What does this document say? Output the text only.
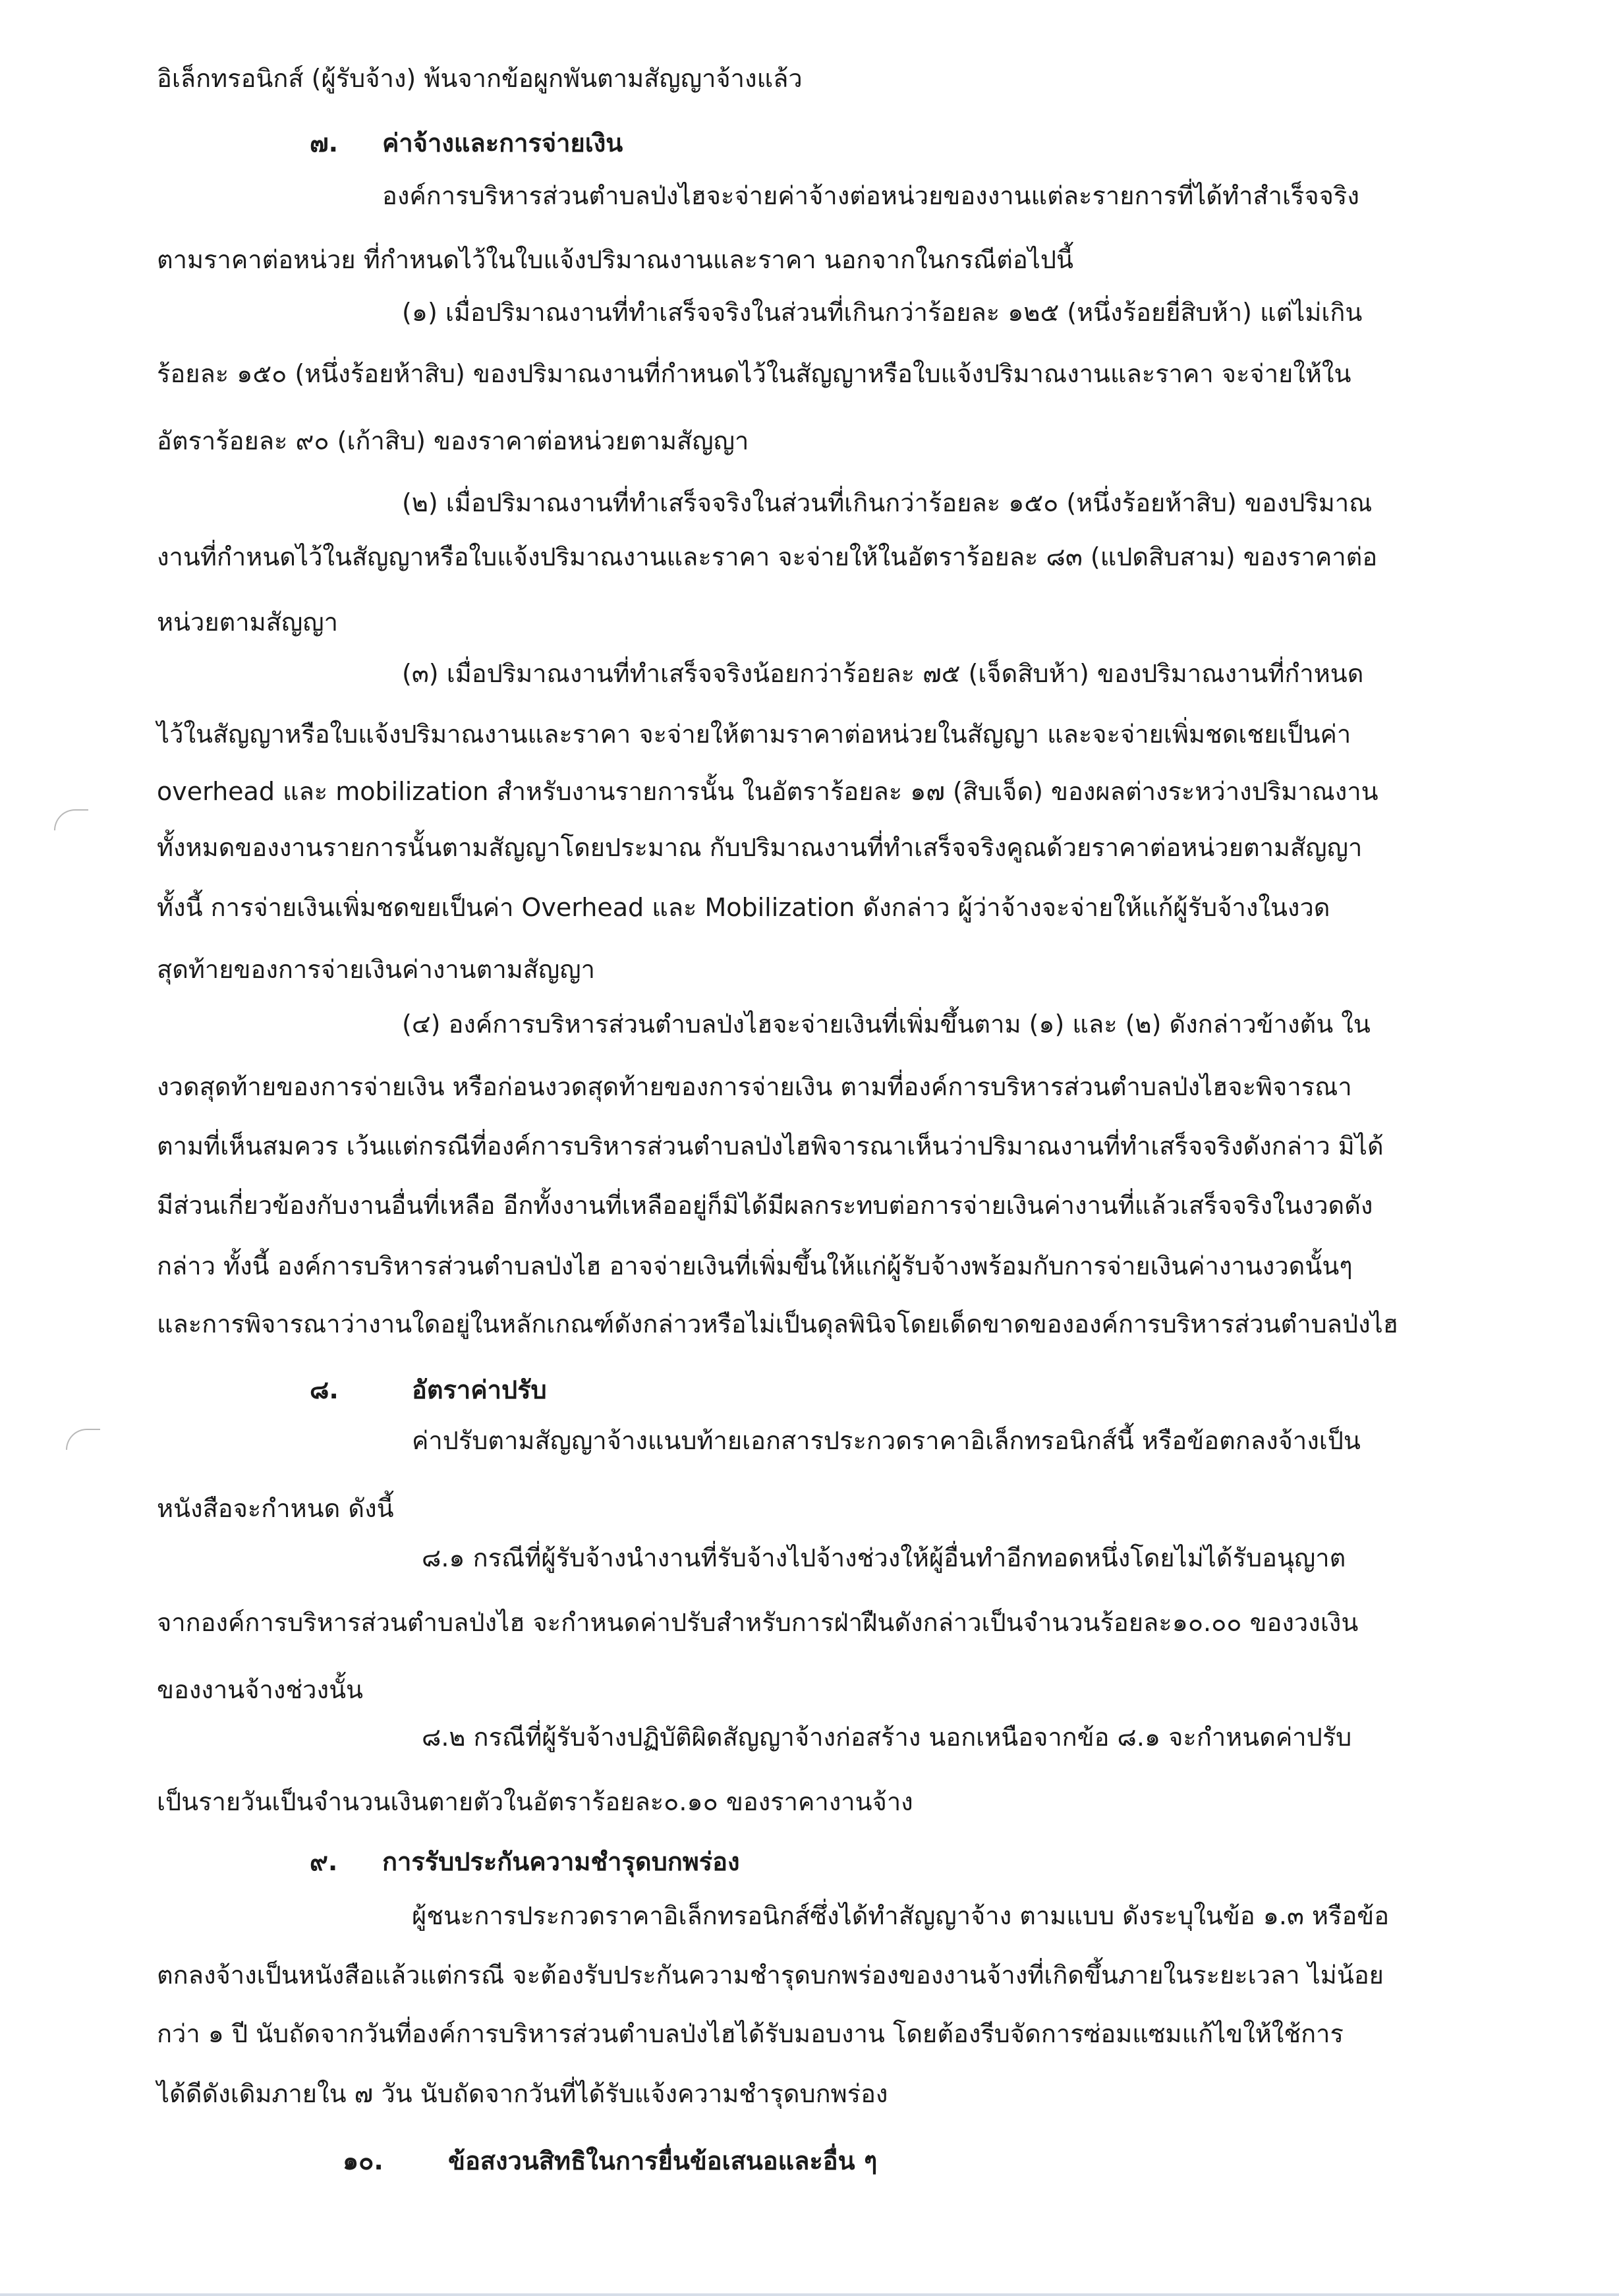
อิเล็กทรอนิกส์ (ผู้รับจ้าง) พ้นจากข้อผูกพันตามสัญญาจ้างแล้ว
๗. ค่าจ้างและการจ่ายเงิน
องค์การบริหารส่วนตำบลป่งไฮจะจ่ายค่าจ้างต่อหน่วยของงานแต่ละรายการที่ได้ทำสำเร็จจริง
ตามราคาต่อหน่วย ที่กำหนดไว้ในใบแจ้งปริมาณงานและราคา นอกจากในกรณีต่อไปนี้
(๑) เมื่อปริมาณงานที่ทำเสร็จจริงในส่วนที่เกินกว่าร้อยละ ๑๒๕ (หนึ่งร้อยยี่สิบห้า) แต่ไม่เกิน
ร้อยละ ๑๕๐ (หนึ่งร้อยห้าสิบ) ของปริมาณงานที่กำหนดไว้ในสัญญาหรือใบแจ้งปริมาณงานและราคา จะจ่ายให้ใน
อัตราร้อยละ ๙๐ (เก้าสิบ) ของราคาต่อหน่วยตามสัญญา
(๒) เมื่อปริมาณงานที่ทำเสร็จจริงในส่วนที่เกินกว่าร้อยละ ๑๕๐ (หนึ่งร้อยห้าสิบ) ของปริมาณ
งานที่กำหนดไว้ในสัญญาหรือใบแจ้งปริมาณงานและราคา จะจ่ายให้ในอัตราร้อยละ ๘๓ (แปดสิบสาม) ของราคาต่อ
หน่วยตามสัญญา
(๓) เมื่อปริมาณงานที่ทำเสร็จจริงน้อยกว่าร้อยละ ๗๕ (เจ็ดสิบห้า) ของปริมาณงานที่กำหนด
ไว้ในสัญญาหรือใบแจ้งปริมาณงานและราคา จะจ่ายให้ตามราคาต่อหน่วยในสัญญา และจะจ่ายเพิ่มชดเชยเป็นค่า
overhead และ mobilization สำหรับงานรายการนั้น ในอัตราร้อยละ ๑๗ (สิบเจ็ด) ของผลต่างระหว่างปริมาณงาน
ทั้งหมดของงานรายการนั้นตามสัญญาโดยประมาณ กับปริมาณงานที่ทำเสร็จจริงคูณด้วยราคาต่อหน่วยตามสัญญา
ทั้งนี้ การจ่ายเงินเพิ่มชดขยเป็นค่า Overhead และ Mobilization ดังกล่าว ผู้ว่าจ้างจะจ่ายให้แก้ผู้รับจ้างในงวด
สุดท้ายของการจ่ายเงินค่างานตามสัญญา
(๔) องค์การบริหารส่วนตำบลป่งไฮจะจ่ายเงินที่เพิ่มขึ้นตาม (๑) และ (๒) ดังกล่าวข้างต้น ใน
งวดสุดท้ายของการจ่ายเงิน หรือก่อนงวดสุดท้ายของการจ่ายเงิน ตามที่องค์การบริหารส่วนตำบลป่งไฮจะพิจารณา
ตามที่เห็นสมควร เว้นแต่กรณีที่องค์การบริหารส่วนตำบลป่งไฮพิจารณาเห็นว่าปริมาณงานที่ทำเสร็จจริงดังกล่าว มิได้
มีส่วนเกี่ยวข้องกับงานอื่นที่เหลือ อีกทั้งงานที่เหลืออยู่ก็มิได้มีผลกระทบต่อการจ่ายเงินค่างานที่แล้วเสร็จจริงในงวดดัง
กล่าว ทั้งนี้ องค์การบริหารส่วนตำบลป่งไฮ อาจจ่ายเงินที่เพิ่มขึ้นให้แก่ผู้รับจ้างพร้อมกับการจ่ายเงินค่างานงวดนั้นๆ
และการพิจารณาว่างานใดอยู่ในหลักเกณฑ์ดังกล่าวหรือไม่เป็นดุลพินิจโดยเด็ดขาดขององค์การบริหารส่วนตำบลป่งไฮ
๘.	อัตราค่าปรับ
ค่าปรับตามสัญญาจ้างแนบท้ายเอกสารประกวดราคาอิเล็กทรอนิกส์นี้ หรือข้อตกลงจ้างเป็น
หนังสือจะกำหนด ดังนี้
๘.๑ กรณีที่ผู้รับจ้างนำงานที่รับจ้างไปจ้างช่วงให้ผู้อื่นทำอีกทอดหนึ่งโดยไม่ได้รับอนุญาต
จากองค์การบริหารส่วนตำบลป่งไฮ จะกำหนดค่าปรับสำหรับการฝ่าฝืนดังกล่าวเป็นจำนวนร้อยละ๑๐.๐๐ ของวงเงิน
ของงานจ้างช่วงนั้น
๘.๒ กรณีที่ผู้รับจ้างปฏิบัติผิดสัญญาจ้างก่อสร้าง นอกเหนือจากข้อ ๘.๑ จะกำหนดค่าปรับ
เป็นรายวันเป็นจำนวนเงินตายตัวในอัตราร้อยละ๐.๑๐ ของราคางานจ้าง
๙. การรับประกันความชำรุดบกพร่อง
ผู้ชนะการประกวดราคาอิเล็กทรอนิกส์ซึ่งได้ทำสัญญาจ้าง ตามแบบ ดังระบุในข้อ ๑.๓ หรือข้อ
ตกลงจ้างเป็นหนังสือแล้วแต่กรณี จะต้องรับประกันความชำรุดบกพร่องของงานจ้างที่เกิดขึ้นภายในระยะเวลา ไม่น้อย
กว่า ๑ ปี นับถัดจากวันที่องค์การบริหารส่วนตำบลป่งไฮได้รับมอบงาน โดยต้องรีบจัดการซ่อมแซมแก้ไขให้ใช้การ
ได้ดีดังเดิมภายใน ๗ วัน นับถัดจากวันที่ได้รับแจ้งความชำรุดบกพร่อง
๑๐.	ข้อสงวนสิทธิในการยื่นข้อเสนอและอื่น ๆ
